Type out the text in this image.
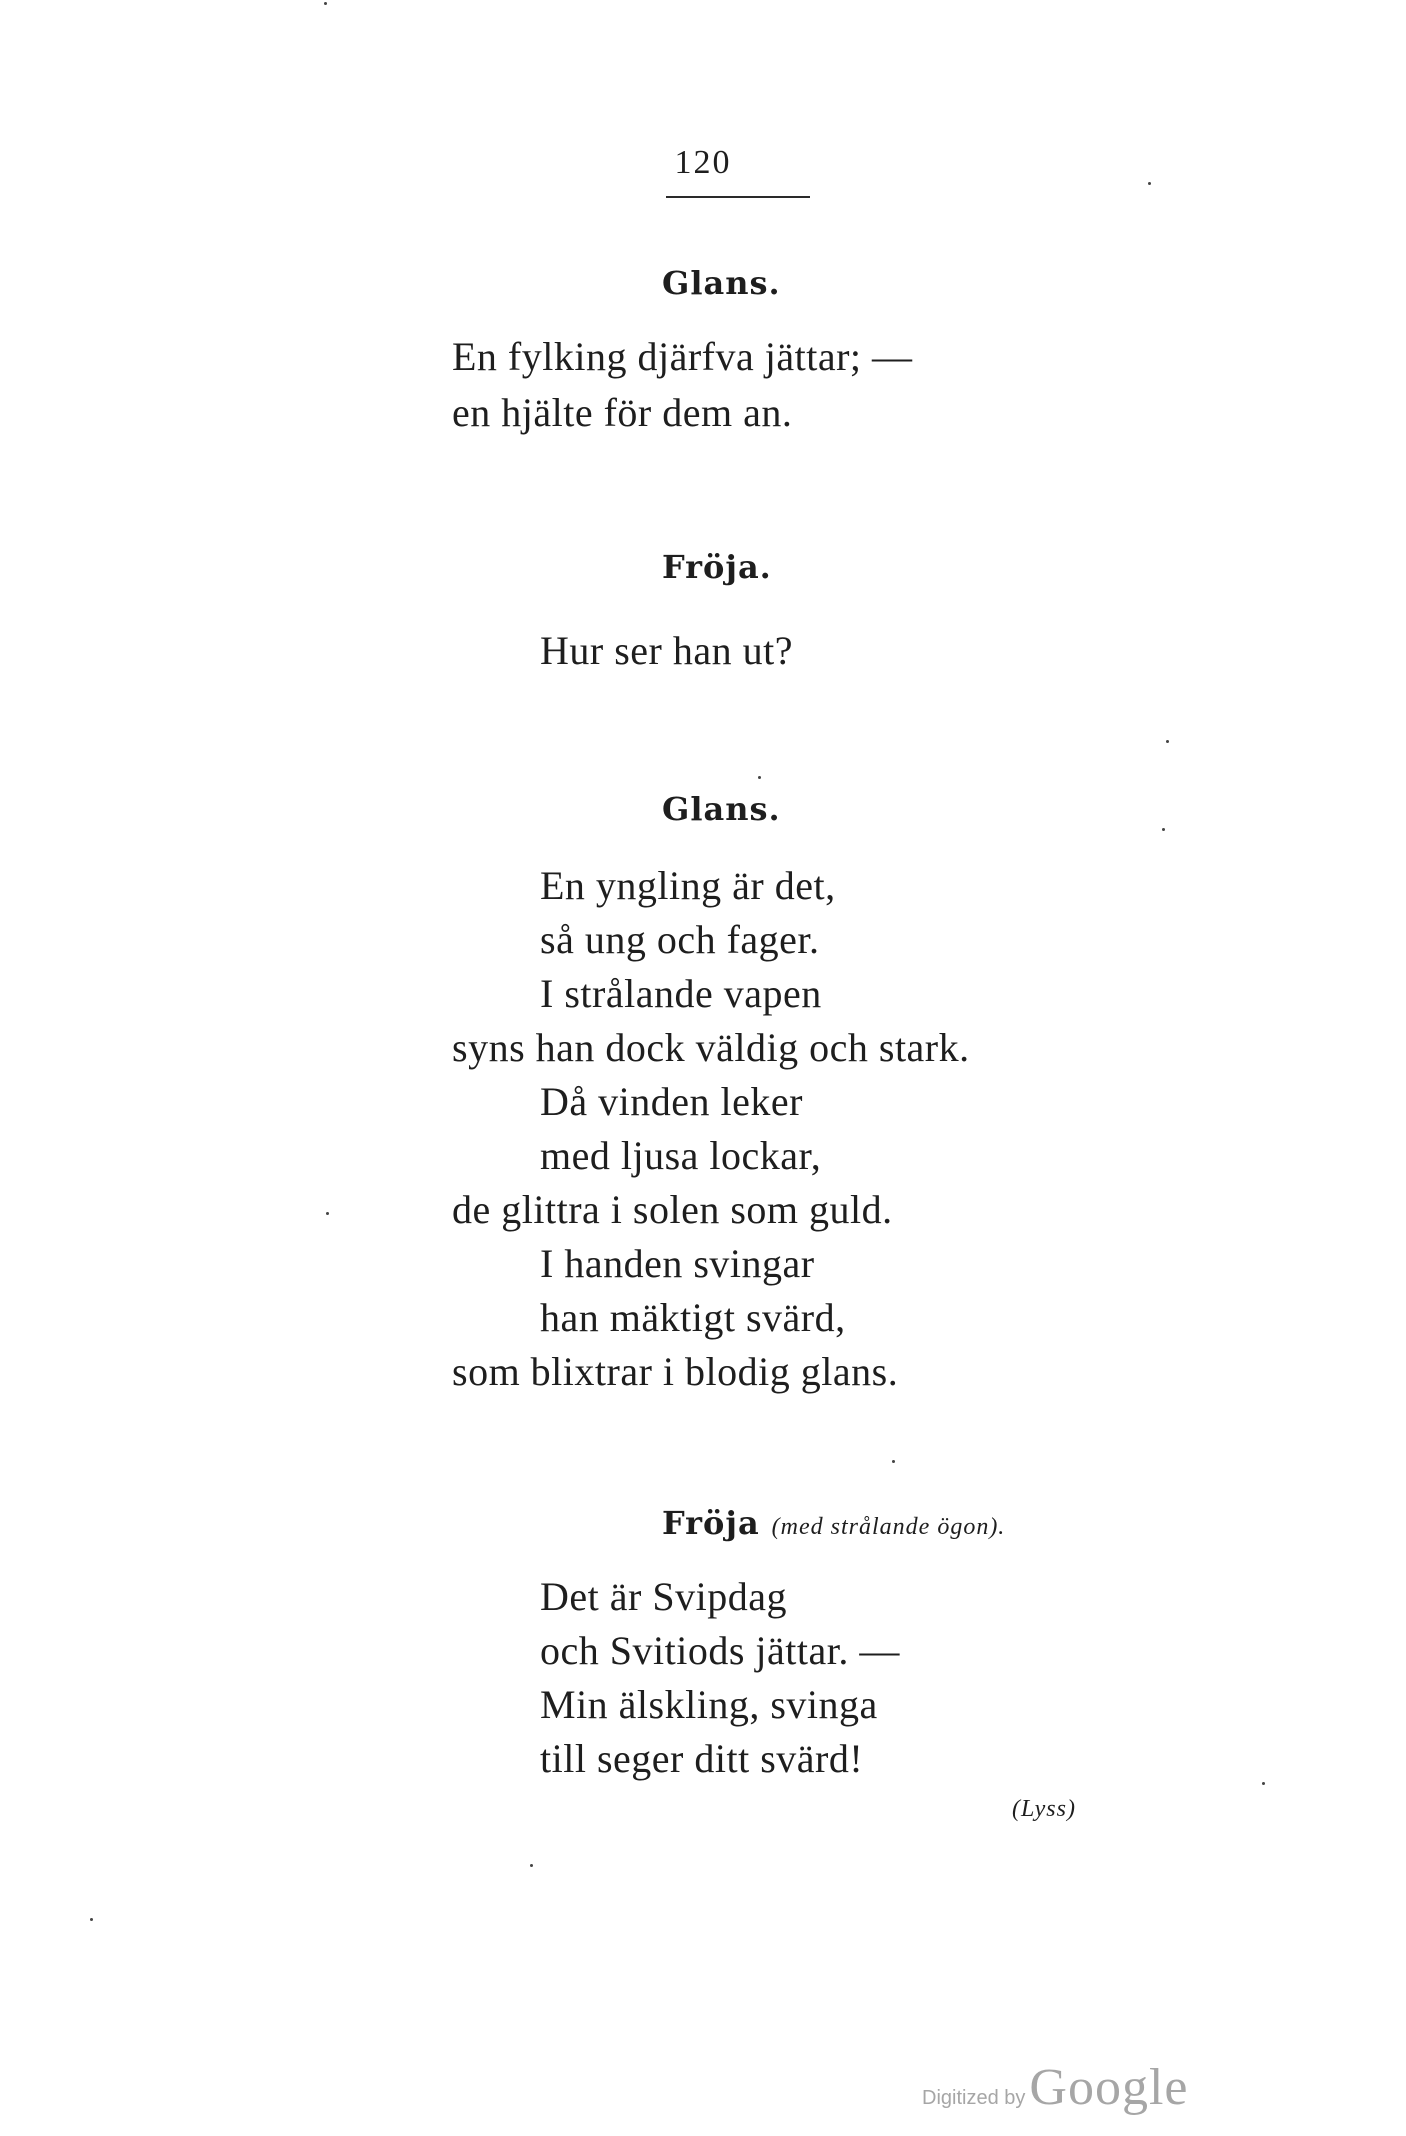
120
Glans.
En fylking djärfva jättar; —
en hjälte för dem an.
Fröja.
Hur ser han ut?
Glans.
En yngling är det,
så ung och fager.
I strålande vapen
syns han dock väldig och stark.
Då vinden leker
med ljusa lockar,
de glittra i solen som guld.
I handen svingar
han mäktigt svärd,
som blixtrar i blodig glans.
Fröja (med strålande ögon).
Det är Svipdag
och Svitiods jättar. —
Min älskling, svinga
till seger ditt svärd!
(Lyss)
Digitized byGoogle
